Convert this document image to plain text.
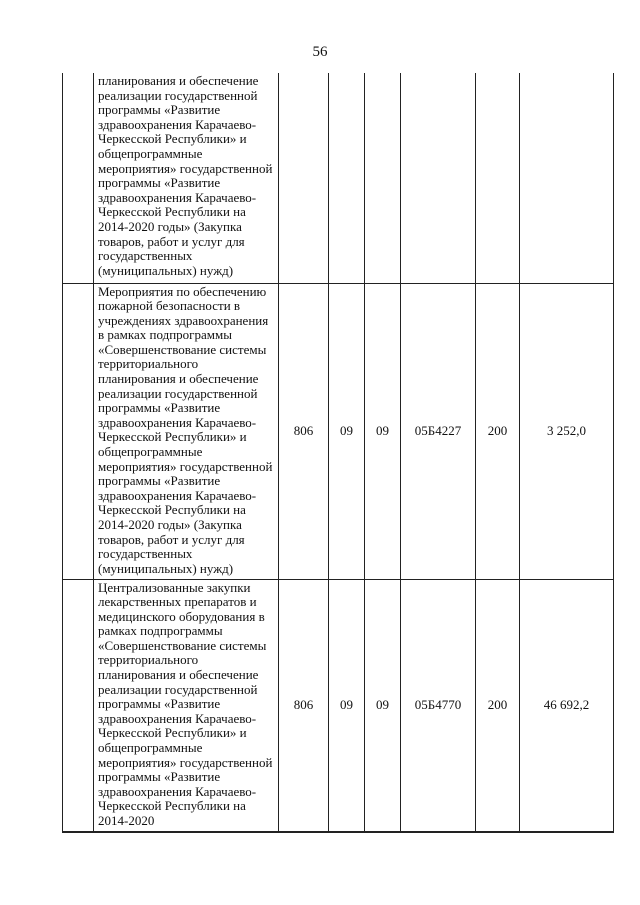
56
	планирования и обеспечение реализации государственной программы «Развитие здравоохранения Карачаево-Черкесской Республики» и общепрограммные мероприятия» государственной программы «Развитие здравоохранения Карачаево-Черкесской Республики на 2014-2020 годы» (Закупка товаров, работ и услуг для государственных (муниципальных) нужд)						
	Мероприятия по обеспечению пожарной безопасности в учреждениях здравоохранения в рамках подпрограммы «Совершенствование системы территориального планирования и обеспечение реализации государственной программы «Развитие здравоохранения Карачаево-Черкесской Республики» и общепрограммные мероприятия» государственной программы «Развитие здравоохранения Карачаево-Черкесской Республики на 2014-2020 годы» (Закупка товаров, работ и услуг для государственных (муниципальных) нужд)	806	09	09	05Б4227	200	3 252,0
	Централизованные закупки лекарственных препаратов и медицинского оборудования в рамках подпрограммы «Совершенствование системы территориального планирования и обеспечение реализации государственной программы «Развитие здравоохранения Карачаево-Черкесской Республики» и общепрограммные мероприятия» государственной программы «Развитие здравоохранения Карачаево-Черкесской Республики на 2014-2020	806	09	09	05Б4770	200	46 692,2
